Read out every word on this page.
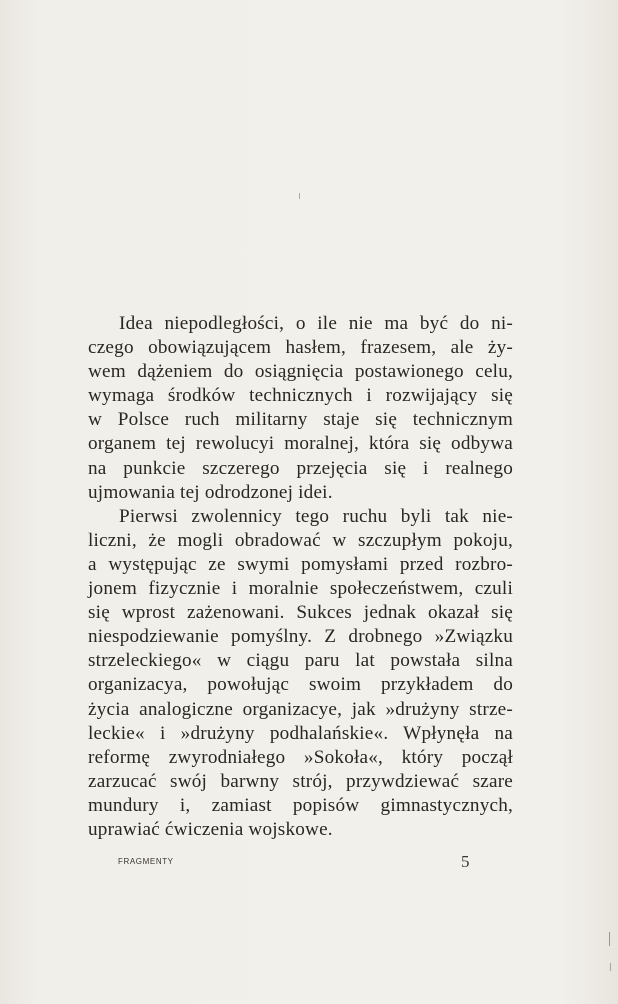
Idea niepodległości, o ile nie ma być do ni-
czego obowiązującem hasłem, frazesem, ale ży-
wem dążeniem do osiągnięcia postawionego celu,
wymaga środków technicznych i rozwijający się
w Polsce ruch militarny staje się technicznym
organem tej rewolucyi moralnej, która się odbywa
na punkcie szczerego przejęcia się i realnego
ujmowania tej odrodzonej idei.
Pierwsi zwolennicy tego ruchu byli tak nie-
liczni, że mogli obradować w szczupłym pokoju,
a występując ze swymi pomysłami przed rozbro-
jonem fizycznie i moralnie społeczeństwem, czuli
się wprost zażenowani. Sukces jednak okazał się
niespodziewanie pomyślny. Z drobnego »Związku
strzeleckiego« w ciągu paru lat powstała silna
organizacya, powołując swoim przykładem do
życia analogiczne organizacye, jak »drużyny strze-
leckie« i »drużyny podhalańskie«. Wpłynęła na
reformę zwyrodniałego »Sokoła«, który począł
zarzucać swój barwny strój, przywdziewać szare
mundury i, zamiast popisów gimnastycznych,
uprawiać ćwiczenia wojskowe.
FRAGMENTY	5
